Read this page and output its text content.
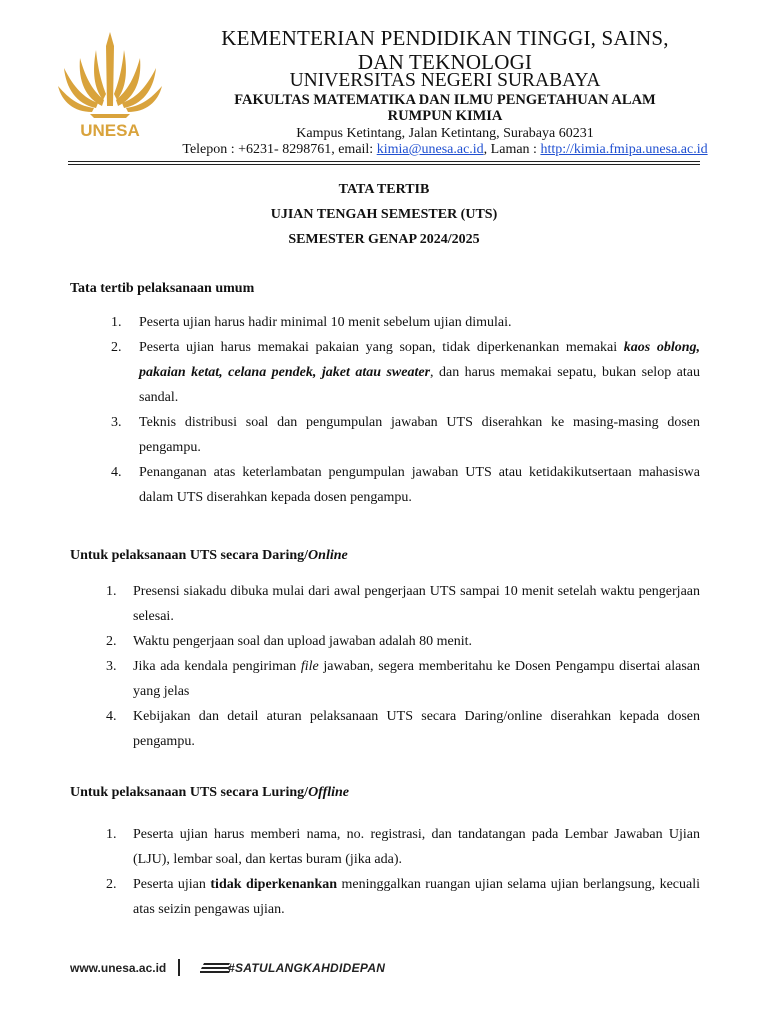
UNESA
KEMENTERIAN PENDIDIKAN TINGGI, SAINS,
DAN TEKNOLOGI
UNIVERSITAS NEGERI SURABAYA
FAKULTAS MATEMATIKA DAN ILMU PENGETAHUAN ALAM
RUMPUN KIMIA
Kampus Ketintang, Jalan Ketintang, Surabaya 60231
Telepon : +6231- 8298761, email: kimia@unesa.ac.id, Laman : http://kimia.fmipa.unesa.ac.id
TATA TERTIB
UJIAN TENGAH SEMESTER (UTS)
SEMESTER GENAP 2024/2025
Tata tertib pelaksanaan umum
1. Peserta ujian harus hadir minimal 10 menit sebelum ujian dimulai.
2. Peserta ujian harus memakai pakaian yang sopan, tidak diperkenankan memakai kaos oblong, pakaian ketat, celana pendek, jaket atau sweater, dan harus memakai sepatu, bukan selop atau sandal.
3. Teknis distribusi soal dan pengumpulan jawaban UTS diserahkan ke masing-masing dosen pengampu.
4. Penanganan atas keterlambatan pengumpulan jawaban UTS atau ketidakikutsertaan mahasiswa dalam UTS diserahkan kepada dosen pengampu.
Untuk pelaksanaan UTS secara Daring/Online
1. Presensi siakadu dibuka mulai dari awal pengerjaan UTS sampai 10 menit setelah waktu pengerjaan selesai.
2. Waktu pengerjaan soal dan upload jawaban adalah 80 menit.
3. Jika ada kendala pengiriman file jawaban, segera memberitahu ke Dosen Pengampu disertai alasan yang jelas
4. Kebijakan dan detail aturan pelaksanaan UTS secara Daring/online diserahkan kepada dosen pengampu.
Untuk pelaksanaan UTS secara Luring/Offline
1. Peserta ujian harus memberi nama, no. registrasi, dan tandatangan pada Lembar Jawaban Ujian (LJU), lembar soal, dan kertas buram (jika ada).
2. Peserta ujian tidak diperkenankan meninggalkan ruangan ujian selama ujian berlangsung, kecuali atas seizin pengawas ujian.
www.unesa.ac.id	#SATULANGKAHDIDEPAN
